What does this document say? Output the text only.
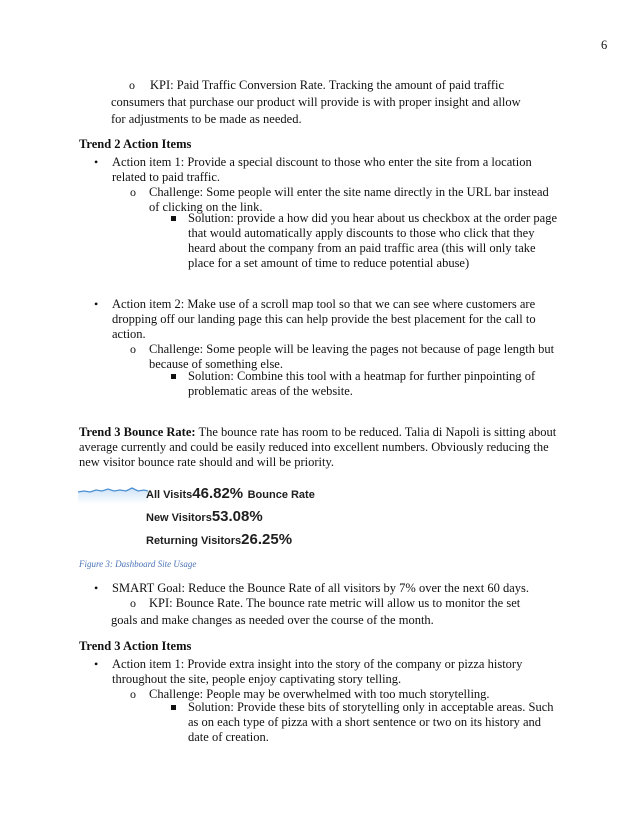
6
o KPI: Paid Traffic Conversion Rate. Tracking the amount of paid traffic
consumers that purchase our product will provide is with proper insight and allow
for adjustments to be made as needed.
Trend 2 Action Items
• Action item 1: Provide a special discount to those who enter the site from a location
related to paid traffic.
o Challenge: Some people will enter the site name directly in the URL bar instead
of clicking on the link.
Solution: provide a how did you hear about us checkbox at the order page
that would automatically apply discounts to those who click that they
heard about the company from an paid traffic area (this will only take
place for a set amount of time to reduce potential abuse)
• Action item 2: Make use of a scroll map tool so that we can see where customers are
dropping off our landing page this can help provide the best placement for the call to
action.
o Challenge: Some people will be leaving the pages not because of page length but
because of something else.
Solution: Combine this tool with a heatmap for further pinpointing of
problematic areas of the website.
Trend 3 Bounce Rate: The bounce rate has room to be reduced. Talia di Napoli is sitting about
average currently and could be easily reduced into excellent numbers. Obviously reducing the
new visitor bounce rate should and will be priority.
All Visits46.82% Bounce Rate
New Visitors53.08%
Returning Visitors26.25%
Figure 3: Dashboard Site Usage
• SMART Goal: Reduce the Bounce Rate of all visitors by 7% over the next 60 days.
o KPI: Bounce Rate. The bounce rate metric will allow us to monitor the set
goals and make changes as needed over the course of the month.
Trend 3 Action Items
• Action item 1: Provide extra insight into the story of the company or pizza history
throughout the site, people enjoy captivating story telling.
o Challenge: People may be overwhelmed with too much storytelling.
Solution: Provide these bits of storytelling only in acceptable areas. Such
as on each type of pizza with a short sentence or two on its history and
date of creation.
